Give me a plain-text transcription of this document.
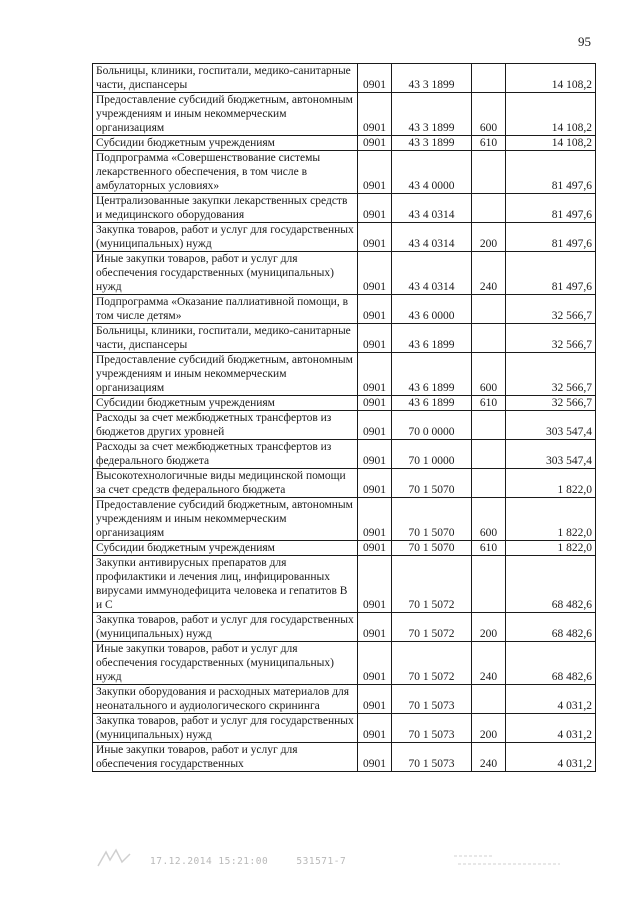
95
Больницы, клиники, госпитали, медико-санитарные части, диспансеры	0901	43 3 1899		14 108,2
Предоставление субсидий бюджетным, автономным учреждениям и иным некоммерческим организациям	0901	43 3 1899	600	14 108,2
Субсидии бюджетным учреждениям	0901	43 3 1899	610	14 108,2
Подпрограмма «Совершенствование системы лекарственного обеспечения, в том числе в амбулаторных условиях»	0901	43 4 0000		81 497,6
Централизованные закупки лекарственных средств и медицинского оборудования	0901	43 4 0314		81 497,6
Закупка товаров, работ и услуг для государственных (муниципальных) нужд	0901	43 4 0314	200	81 497,6
Иные закупки товаров, работ и услуг для обеспечения государственных (муниципальных) нужд	0901	43 4 0314	240	81 497,6
Подпрограмма «Оказание паллиативной помощи, в том числе детям»	0901	43 6 0000		32 566,7
Больницы, клиники, госпитали, медико-санитарные части, диспансеры	0901	43 6 1899		32 566,7
Предоставление субсидий бюджетным, автономным учреждениям и иным некоммерческим организациям	0901	43 6 1899	600	32 566,7
Субсидии бюджетным учреждениям	0901	43 6 1899	610	32 566,7
Расходы за счет межбюджетных трансфертов из бюджетов других уровней	0901	70 0 0000		303 547,4
Расходы за счет межбюджетных трансфертов из федерального бюджета	0901	70 1 0000		303 547,4
Высокотехнологичные виды медицинской помощи за счет средств федерального бюджета	0901	70 1 5070		1 822,0
Предоставление субсидий бюджетным, автономным учреждениям и иным некоммерческим организациям	0901	70 1 5070	600	1 822,0
Субсидии бюджетным учреждениям	0901	70 1 5070	610	1 822,0
Закупки антивирусных препаратов для профилактики и лечения лиц, инфицированных вирусами иммунодефицита человека и гепатитов В и С	0901	70 1 5072		68 482,6
Закупка товаров, работ и услуг для государственных (муниципальных) нужд	0901	70 1 5072	200	68 482,6
Иные закупки товаров, работ и услуг для обеспечения государственных (муниципальных) нужд	0901	70 1 5072	240	68 482,6
Закупки оборудования и расходных материалов для неонатального и аудиологического скрининга	0901	70 1 5073		4 031,2
Закупка товаров, работ и услуг для государственных (муниципальных) нужд	0901	70 1 5073	200	4 031,2
Иные закупки товаров, работ и услуг для обеспечения государственных	0901	70 1 5073	240	4 031,2
17.12.2014 15:21:00	531571-7
